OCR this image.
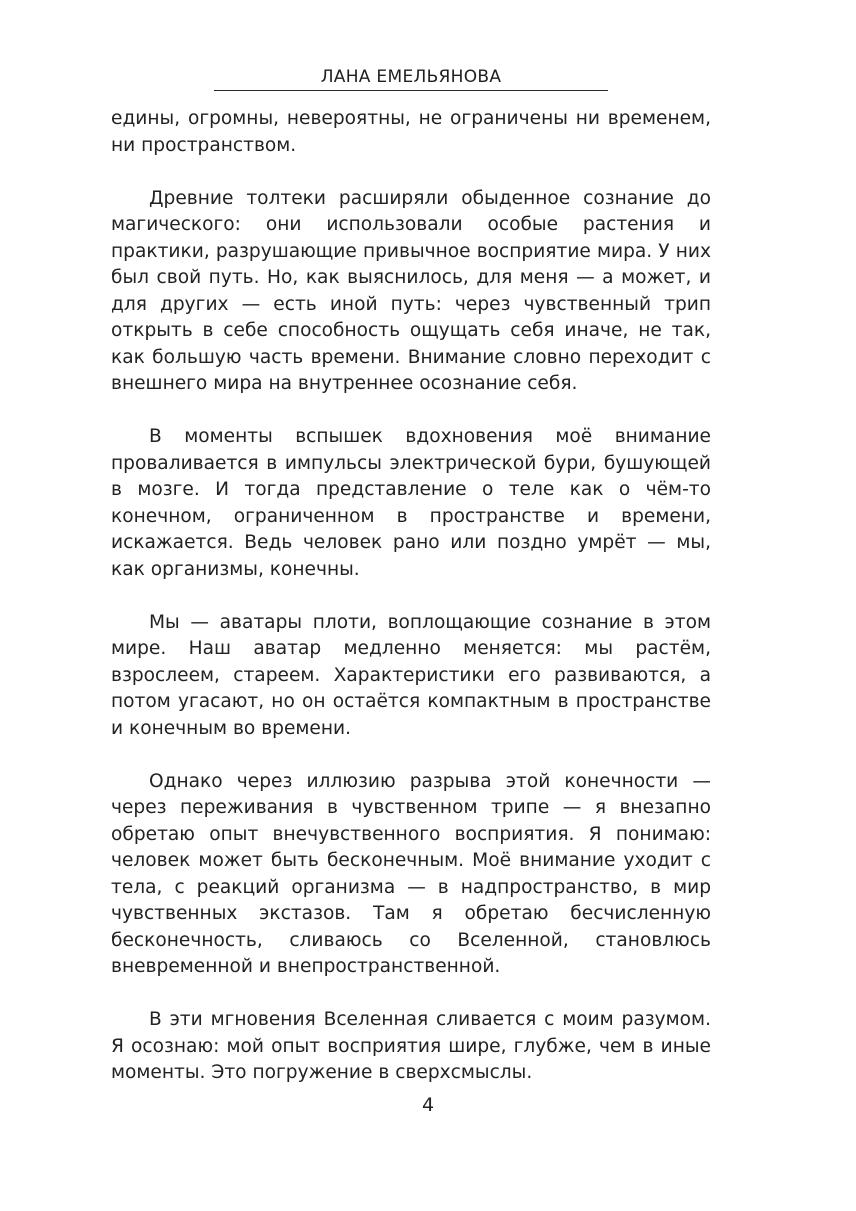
ЛАНА ЕМЕЛЬЯНОВА

едины, огромны, невероятны, не ограничены ни временем, ни пространством.

Древние толтеки расширяли обыденное сознание до магического: они использовали особые растения и практики, разрушающие привычное восприятие мира. У них был свой путь. Но, как выяснилось, для меня — а может, и для других — есть иной путь: через чувственный трип открыть в себе способность ощущать себя иначе, не так, как большую часть времени. Внимание словно переходит с внешнего мира на внутреннее осознание себя.

В моменты вспышек вдохновения моё внимание проваливается в импульсы электрической бури, бушующей в мозге. И тогда представление о теле как о чём-то конечном, ограниченном в пространстве и времени, искажается. Ведь человек рано или поздно умрёт — мы, как организмы, конечны.

Мы — аватары плоти, воплощающие сознание в этом мире. Наш аватар медленно меняется: мы растём, взрослеем, стареем. Характеристики его развиваются, а потом угасают, но он остаётся компактным в пространстве и конечным во времени.

Однако через иллюзию разрыва этой конечности — через переживания в чувственном трипе — я внезапно обретаю опыт внечувственного восприятия. Я понимаю: человек может быть бесконечным. Моё внимание уходит с тела, с реакций организма — в надпространство, в мир чувственных экстазов. Там я обретаю бесчисленную бесконечность, сливаюсь со Вселенной, становлюсь вневременной и внепространственной.

В эти мгновения Вселенная сливается с моим разумом. Я осознаю: мой опыт восприятия шире, глубже, чем в иные моменты. Это погружение в сверхсмыслы.

4
